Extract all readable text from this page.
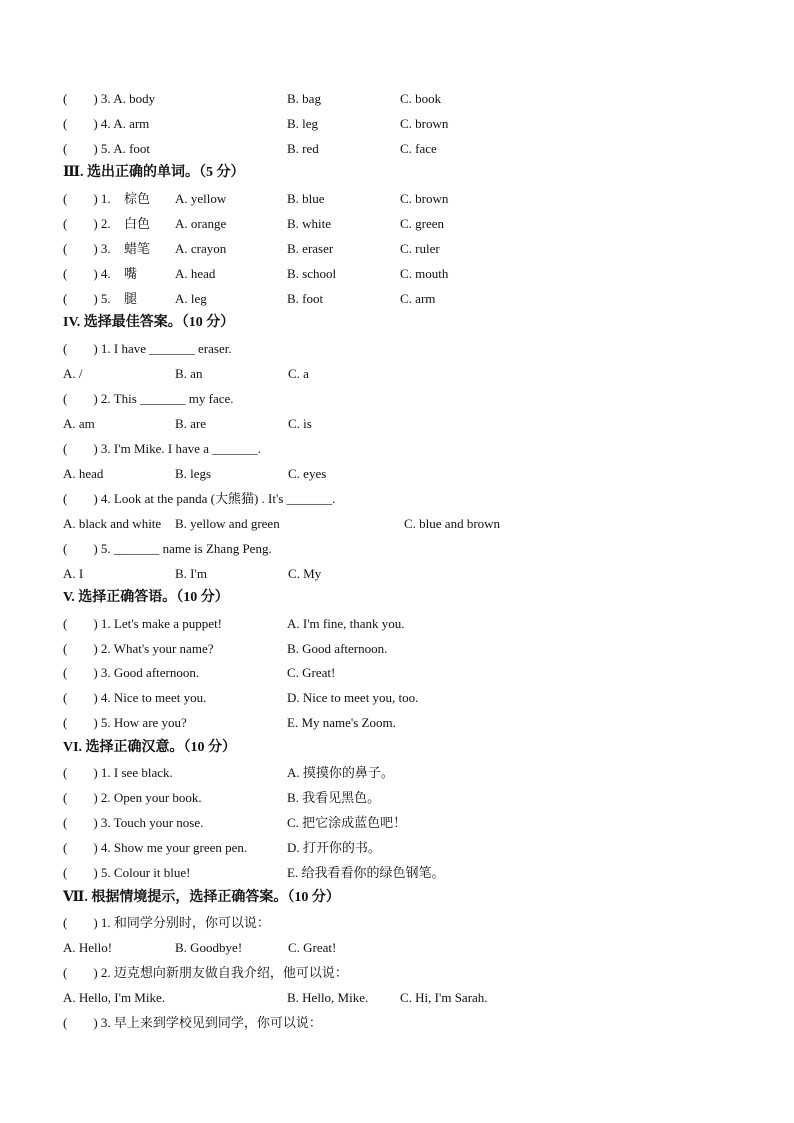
(　　) 3. A. body	B. bag	C. book
(　　) 4. A. arm	B. leg	C. brown
(　　) 5. A. foot	B. red	C. face
Ⅲ. 选出正确的单词。（5 分）
(　　) 1. 棕色 A. yellow	B. blue	C. brown
(　　) 2. 白色 A. orange	B. white	C. green
(　　) 3. 蜡笔 A. crayon	B. eraser	C. ruler
(　　) 4. 嘴	A. head	B. school	C. mouth
(　　) 5. 腿	A. leg	B. foot	C. arm
IV. 选择最佳答案。（10 分）
(　　) 1. I have _______ eraser.
A. /	B. an	C. a
(　　) 2. This _______ my face.
A. am	B. are	C. is
(　　) 3. I'm Mike. I have a _______.
A. head	B. legs	C. eyes
(　　) 4. Look at the panda (大熊猫) . It's _______.
A. black and white B. yellow and green	C. blue and brown
(　　) 5. _______ name is Zhang Peng.
A. I	B. I'm	C. My
V. 选择正确答语。（10 分）
(　　) 1. Let's make a puppet!	A. I'm fine, thank you.
(　　) 2. What's your name?	B. Good afternoon.
(　　) 3. Good afternoon.	C. Great!
(　　) 4. Nice to meet you.	D. Nice to meet you, too.
(　　) 5. How are you?	E. My name's Zoom.
VI. 选择正确汉意。（10 分）
(　　) 1. I see black.	A. 摸摸你的鼻子。
(　　) 2. Open your book.	B. 我看见黑色。
(　　) 3. Touch your nose.	C. 把它涂成蓝色吧！
(　　) 4. Show me your green pen.	D. 打开你的书。
(　　) 5. Colour it blue!	E. 给我看看你的绿色钢笔。
Ⅶ. 根据情境提示，选择正确答案。（10 分）
(　　) 1. 和同学分别时，你可以说：
A. Hello!	B. Goodbye!	C. Great!
(　　) 2. 迈克想向新朋友做自我介绍，他可以说：
A. Hello, I'm Mike.	B. Hello, Mike. C. Hi, I'm Sarah.
(　　) 3. 早上来到学校见到同学，你可以说：
